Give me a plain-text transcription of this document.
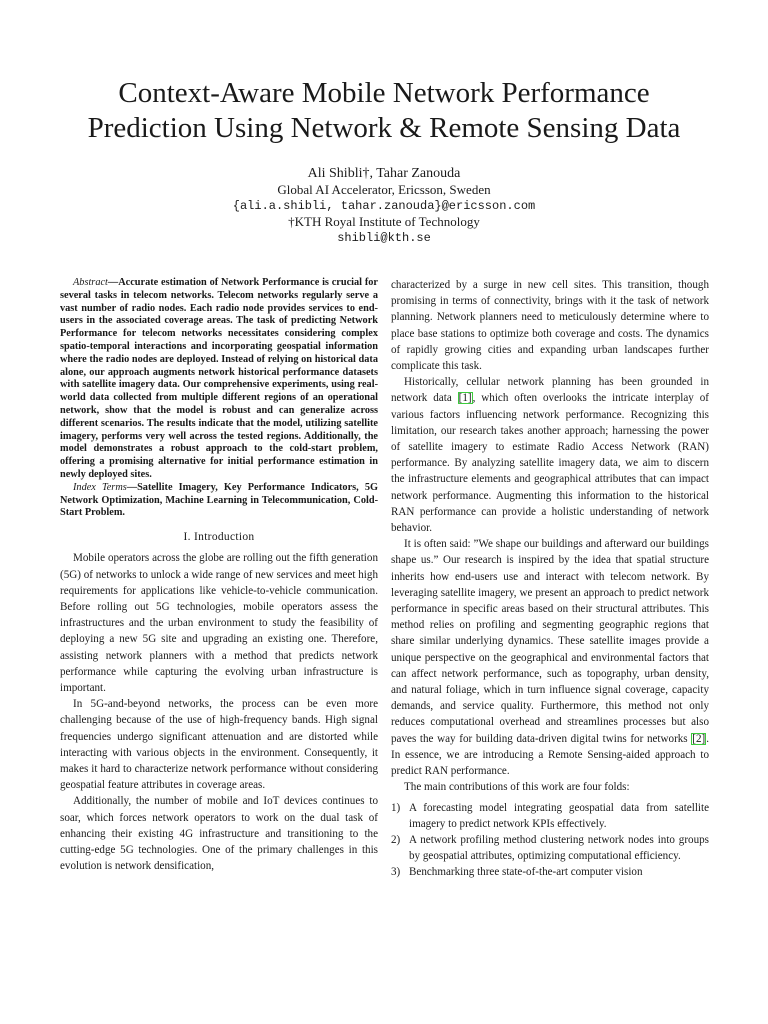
Context-Aware Mobile Network Performance
Prediction Using Network & Remote Sensing Data
Ali Shibli†, Tahar Zanouda
Global AI Accelerator, Ericsson, Sweden
{ali.a.shibli, tahar.zanouda}@ericsson.com
†KTH Royal Institute of Technology
shibli@kth.se

Abstract—Accurate estimation of Network Performance is crucial for several tasks in telecom networks. Telecom networks regularly serve a vast number of radio nodes. Each radio node provides services to end-users in the associated coverage areas. The task of predicting Network Performance for telecom networks necessitates considering complex spatio-temporal interactions and incorporating geospatial information where the radio nodes are deployed. Instead of relying on historical data alone, our approach augments network historical performance datasets with satellite imagery data. Our comprehensive experiments, using real-world data collected from multiple different regions of an operational network, show that the model is robust and can generalize across different scenarios. The results indicate that the model, utilizing satellite imagery, performs very well across the tested regions. Additionally, the model demonstrates a robust approach to the cold-start problem, offering a promising alternative for initial performance estimation in newly deployed sites.

Index Terms—Satellite Imagery, Key Performance Indicators, 5G Network Optimization, Machine Learning in Telecommunication, Cold-Start Problem.

I. Introduction

Mobile operators across the globe are rolling out the fifth generation (5G) of networks to unlock a wide range of new services and meet high requirements for applications like vehicle-to-vehicle communication. Before rolling out 5G technologies, mobile operators assess the infrastructures and the urban environment to study the feasibility of deploying a new 5G site and upgrading an existing one. Therefore, assisting network planners with a method that predicts network performance while capturing the evolving urban infrastructure is important.

In 5G-and-beyond networks, the process can be even more challenging because of the use of high-frequency bands. High signal frequencies undergo significant attenuation and are distorted while interacting with various objects in the environment. Consequently, it makes it hard to characterize network performance without considering geospatial feature attributes in coverage areas.

Additionally, the number of mobile and IoT devices continues to soar, which forces network operators to work on the dual task of enhancing their existing 4G infrastructure and transitioning to the cutting-edge 5G technologies. One of the primary challenges in this evolution is network densification,

characterized by a surge in new cell sites. This transition, though promising in terms of connectivity, brings with it the task of network planning. Network planners need to meticulously determine where to place base stations to optimize both coverage and costs. The dynamics of rapidly growing cities and expanding urban landscapes further complicate this task.

Historically, cellular network planning has been grounded in network data [1], which often overlooks the intricate interplay of various factors influencing network performance. Recognizing this limitation, our research takes another approach; harnessing the power of satellite imagery to estimate Radio Access Network (RAN) performance. By analyzing satellite imagery data, we aim to discern the infrastructure elements and geographical attributes that can impact network performance. Augmenting this information to the historical RAN performance can provide a holistic understanding of network behavior.

It is often said: ”We shape our buildings and afterward our buildings shape us.” Our research is inspired by the idea that spatial structure inherits how end-users use and interact with telecom network. By leveraging satellite imagery, we present an approach to predict network performance in specific areas based on their structural attributes. This method relies on profiling and segmenting geographic regions that share similar underlying dynamics. These satellite images provide a unique perspective on the geographical and environmental factors that can affect network performance, such as topography, urban density, and natural foliage, which in turn influence signal coverage, capacity demands, and service quality. Furthermore, this method not only reduces computational overhead and streamlines processes but also paves the way for building data-driven digital twins for networks [2]. In essence, we are introducing a Remote Sensing-aided approach to predict RAN performance.

The main contributions of this work are four folds:

1) A forecasting model integrating geospatial data from satellite imagery to predict network KPIs effectively.
2) A network profiling method clustering network nodes into groups by geospatial attributes, optimizing computational efficiency.
3) Benchmarking three state-of-the-art computer vision
